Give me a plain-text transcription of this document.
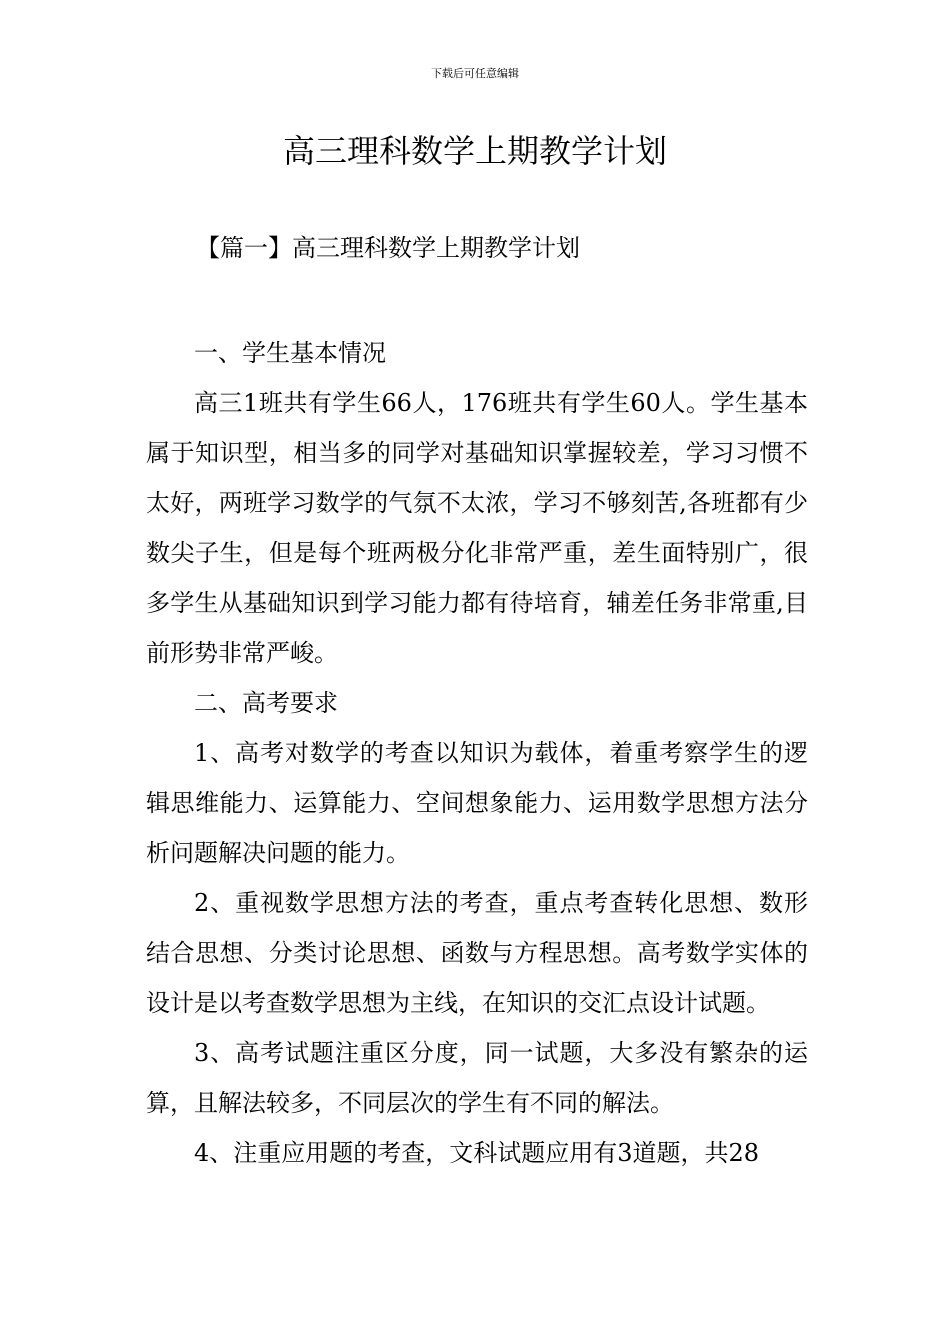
下载后可任意编辑
高三理科数学上期教学计划
【篇一】高三理科数学上期教学计划

一、学生基本情况

高三1班共有学生66人，176班共有学生60人。学生基本属于知识型，相当多的同学对基础知识掌握较差，学习习惯不太好，两班学习数学的气氛不太浓，学习不够刻苦,各班都有少数尖子生，但是每个班两极分化非常严重，差生面特别广，很多学生从基础知识到学习能力都有待培育，辅差任务非常重,目前形势非常严峻。

二、高考要求

1、高考对数学的考查以知识为载体，着重考察学生的逻辑思维能力、运算能力、空间想象能力、运用数学思想方法分析问题解决问题的能力。

2、重视数学思想方法的考查，重点考查转化思想、数形结合思想、分类讨论思想、函数与方程思想。高考数学实体的设计是以考查数学思想为主线，在知识的交汇点设计试题。

3、高考试题注重区分度，同一试题，大多没有繁杂的运算，且解法较多，不同层次的学生有不同的解法。

4、注重应用题的考查，文科试题应用有3道题，共28
